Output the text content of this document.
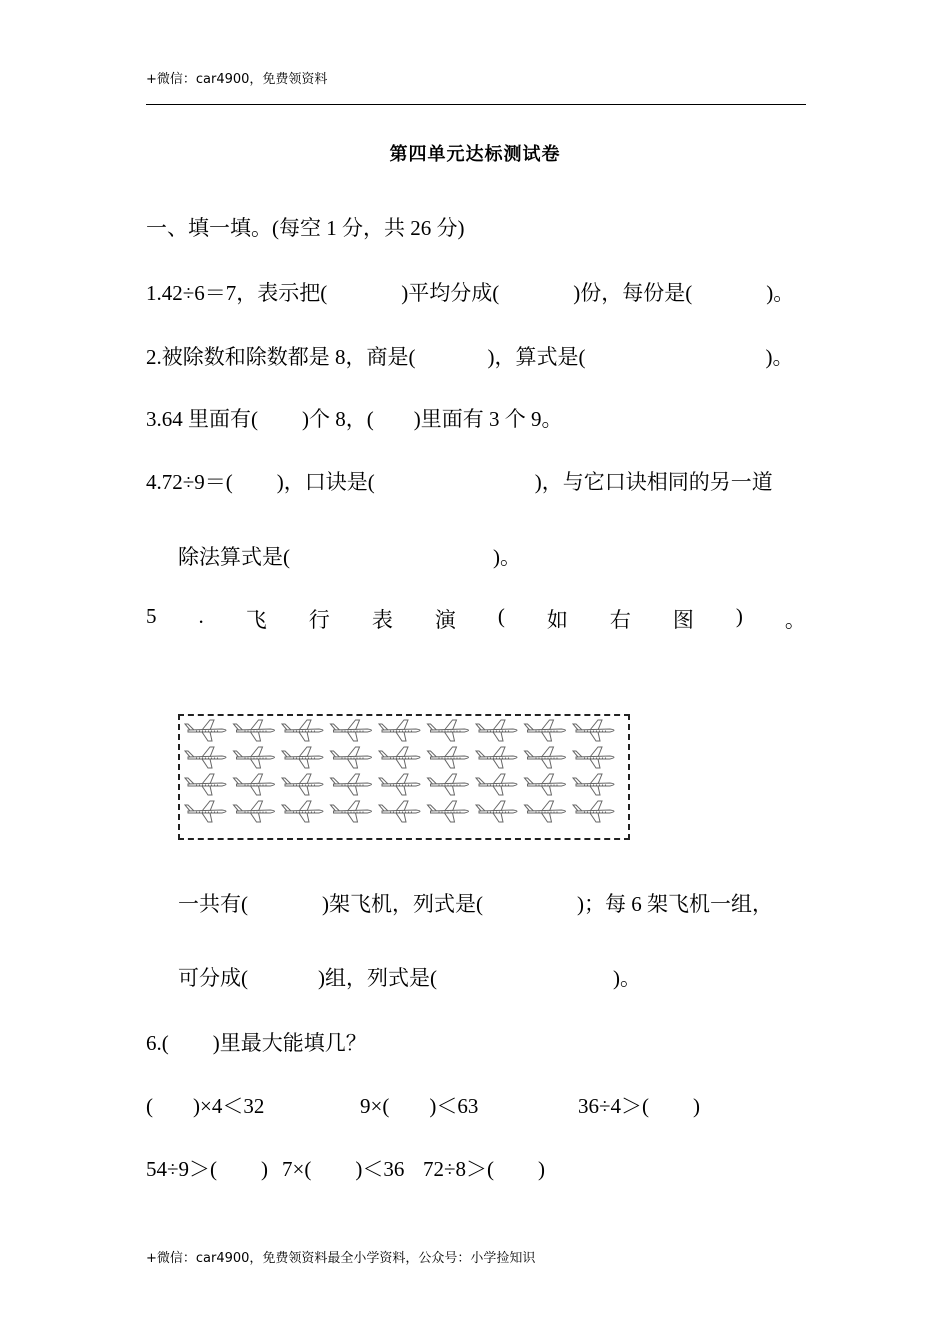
+微信：car4900，免费领资料
第四单元达标测试卷
一、填一填。(每空 1 分，共 26 分)
1.42÷6＝7，表示把(	)平均分成(	)份，每份是(	)。
2.被除数和除数都是 8，商是(	)，算式是(	)。
3.64 里面有( )个 8，( )里面有 3 个 9。
4.72÷9＝( )，口诀是(	)，与它口诀相同的另一道
除法算式是(	)。
5 . 飞 行 表 演 ( 如 右 图 ) 。
一共有(	)架飞机，列式是(	)；每 6 架飞机一组，
可分成(	)组，列式是(	)。
6.( )里最大能填几？
( )×4＜32	9×( )＜63	36÷4＞( )
54÷9＞( ) 7×( )＜36 72÷8＞( )
+微信：car4900，免费领资料最全小学资料，公众号：小学捡知识
